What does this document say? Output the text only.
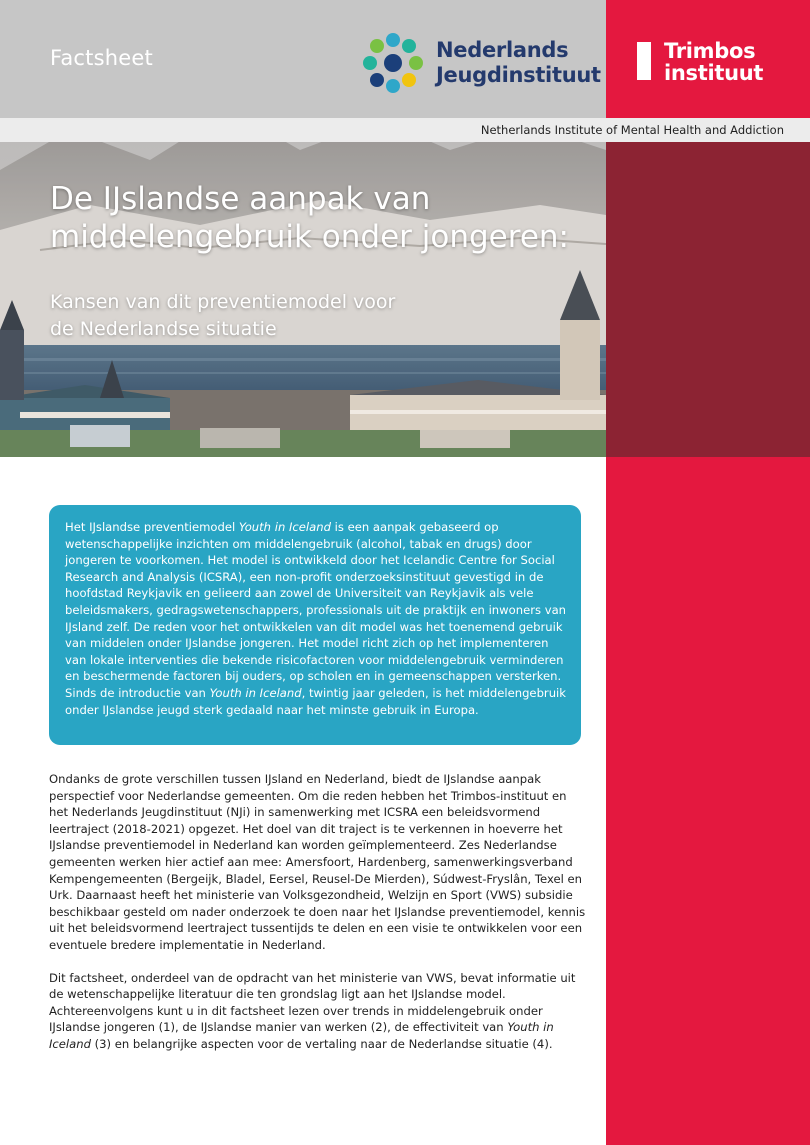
Factsheet	Nederlands
Jeugdinstituut
Trimbos
instituut
Netherlands Institute of Mental Health and Addiction
De IJslandse aanpak van
middelengebruik onder jongeren:
Kansen van dit preventiemodel voor
de Nederlandse situatie

Het IJslandse preventiemodel Youth in Iceland is een aanpak gebaseerd op wetenschappelijke inzichten om middelengebruik (alcohol, tabak en drugs) door jongeren te voorkomen. Het model is ontwikkeld door het Icelandic Centre for Social Research and Analysis (ICSRA), een non-profit onderzoeksinstituut gevestigd in de hoofdstad Reykjavik en gelieerd aan zowel de Universiteit van Reykjavik als vele beleidsmakers, gedragswetenschappers, professionals uit de praktijk en inwoners van IJsland zelf. De reden voor het ontwikkelen van dit model was het toenemend gebruik van middelen onder IJslandse jongeren. Het model richt zich op het implementeren van lokale interventies die bekende risicofactoren voor middelengebruik verminderen en beschermende factoren bij ouders, op scholen en in gemeenschappen versterken. Sinds de introductie van Youth in Iceland, twintig jaar geleden, is het middelengebruik onder IJslandse jeugd sterk gedaald naar het minste gebruik in Europa.

Ondanks de grote verschillen tussen IJsland en Nederland, biedt de IJslandse aanpak perspectief voor Nederlandse gemeenten. Om die reden hebben het Trimbos-instituut en het Nederlands Jeugdinstituut (NJi) in samenwerking met ICSRA een beleidsvormend leertraject (2018-2021) opgezet. Het doel van dit traject is te verkennen in hoeverre het IJslandse preventiemodel in Nederland kan worden geïmplementeerd. Zes Nederlandse gemeenten werken hier actief aan mee: Amersfoort, Hardenberg, samenwerkingsverband Kempengemeenten (Bergeijk, Bladel, Eersel, Reusel-De Mierden), Súdwest-Fryslân, Texel en Urk. Daarnaast heeft het ministerie van Volksgezondheid, Welzijn en Sport (VWS) subsidie beschikbaar gesteld om nader onderzoek te doen naar het IJslandse preventiemodel, kennis uit het beleidsvormend leertraject tussentijds te delen en een visie te ontwikkelen voor een eventuele bredere implementatie in Nederland.

Dit factsheet, onderdeel van de opdracht van het ministerie van VWS, bevat informatie uit de wetenschappelijke literatuur die ten grondslag ligt aan het IJslandse model. Achtereenvolgens kunt u in dit factsheet lezen over trends in middelengebruik onder IJslandse jongeren (1), de IJslandse manier van werken (2), de effectiviteit van Youth in Iceland (3) en belangrijke aspecten voor de vertaling naar de Nederlandse situatie (4).
